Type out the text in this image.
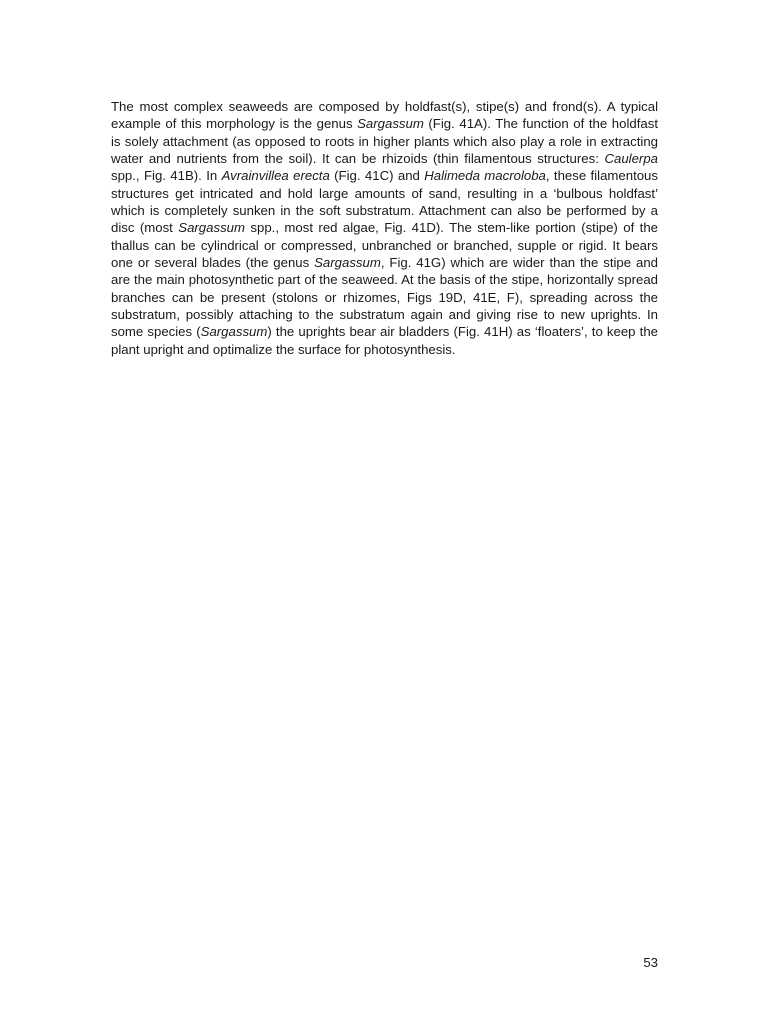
The most complex seaweeds are composed by holdfast(s), stipe(s) and frond(s). A typical example of this morphology is the genus Sargassum (Fig. 41A). The function of the holdfast is solely attachment (as opposed to roots in higher plants which also play a role in extracting water and nutrients from the soil). It can be rhizoids (thin filamentous structures: Caulerpa spp., Fig. 41B). In Avrainvillea erecta (Fig. 41C) and Halimeda macroloba, these filamentous structures get intricated and hold large amounts of sand, resulting in a ‘bulbous holdfast’ which is completely sunken in the soft substratum. Attachment can also be performed by a disc (most Sargassum spp., most red algae, Fig. 41D). The stem-like portion (stipe) of the thallus can be cylindrical or compressed, unbranched or branched, supple or rigid. It bears one or several blades (the genus Sargassum, Fig. 41G) which are wider than the stipe and are the main photosynthetic part of the seaweed. At the basis of the stipe, horizontally spread branches can be present (stolons or rhizomes, Figs 19D, 41E, F), spreading across the substratum, possibly attaching to the substratum again and giving rise to new uprights. In some species (Sargassum) the uprights bear air bladders (Fig. 41H) as ‘floaters’, to keep the plant upright and optimalize the surface for photosynthesis.

53
